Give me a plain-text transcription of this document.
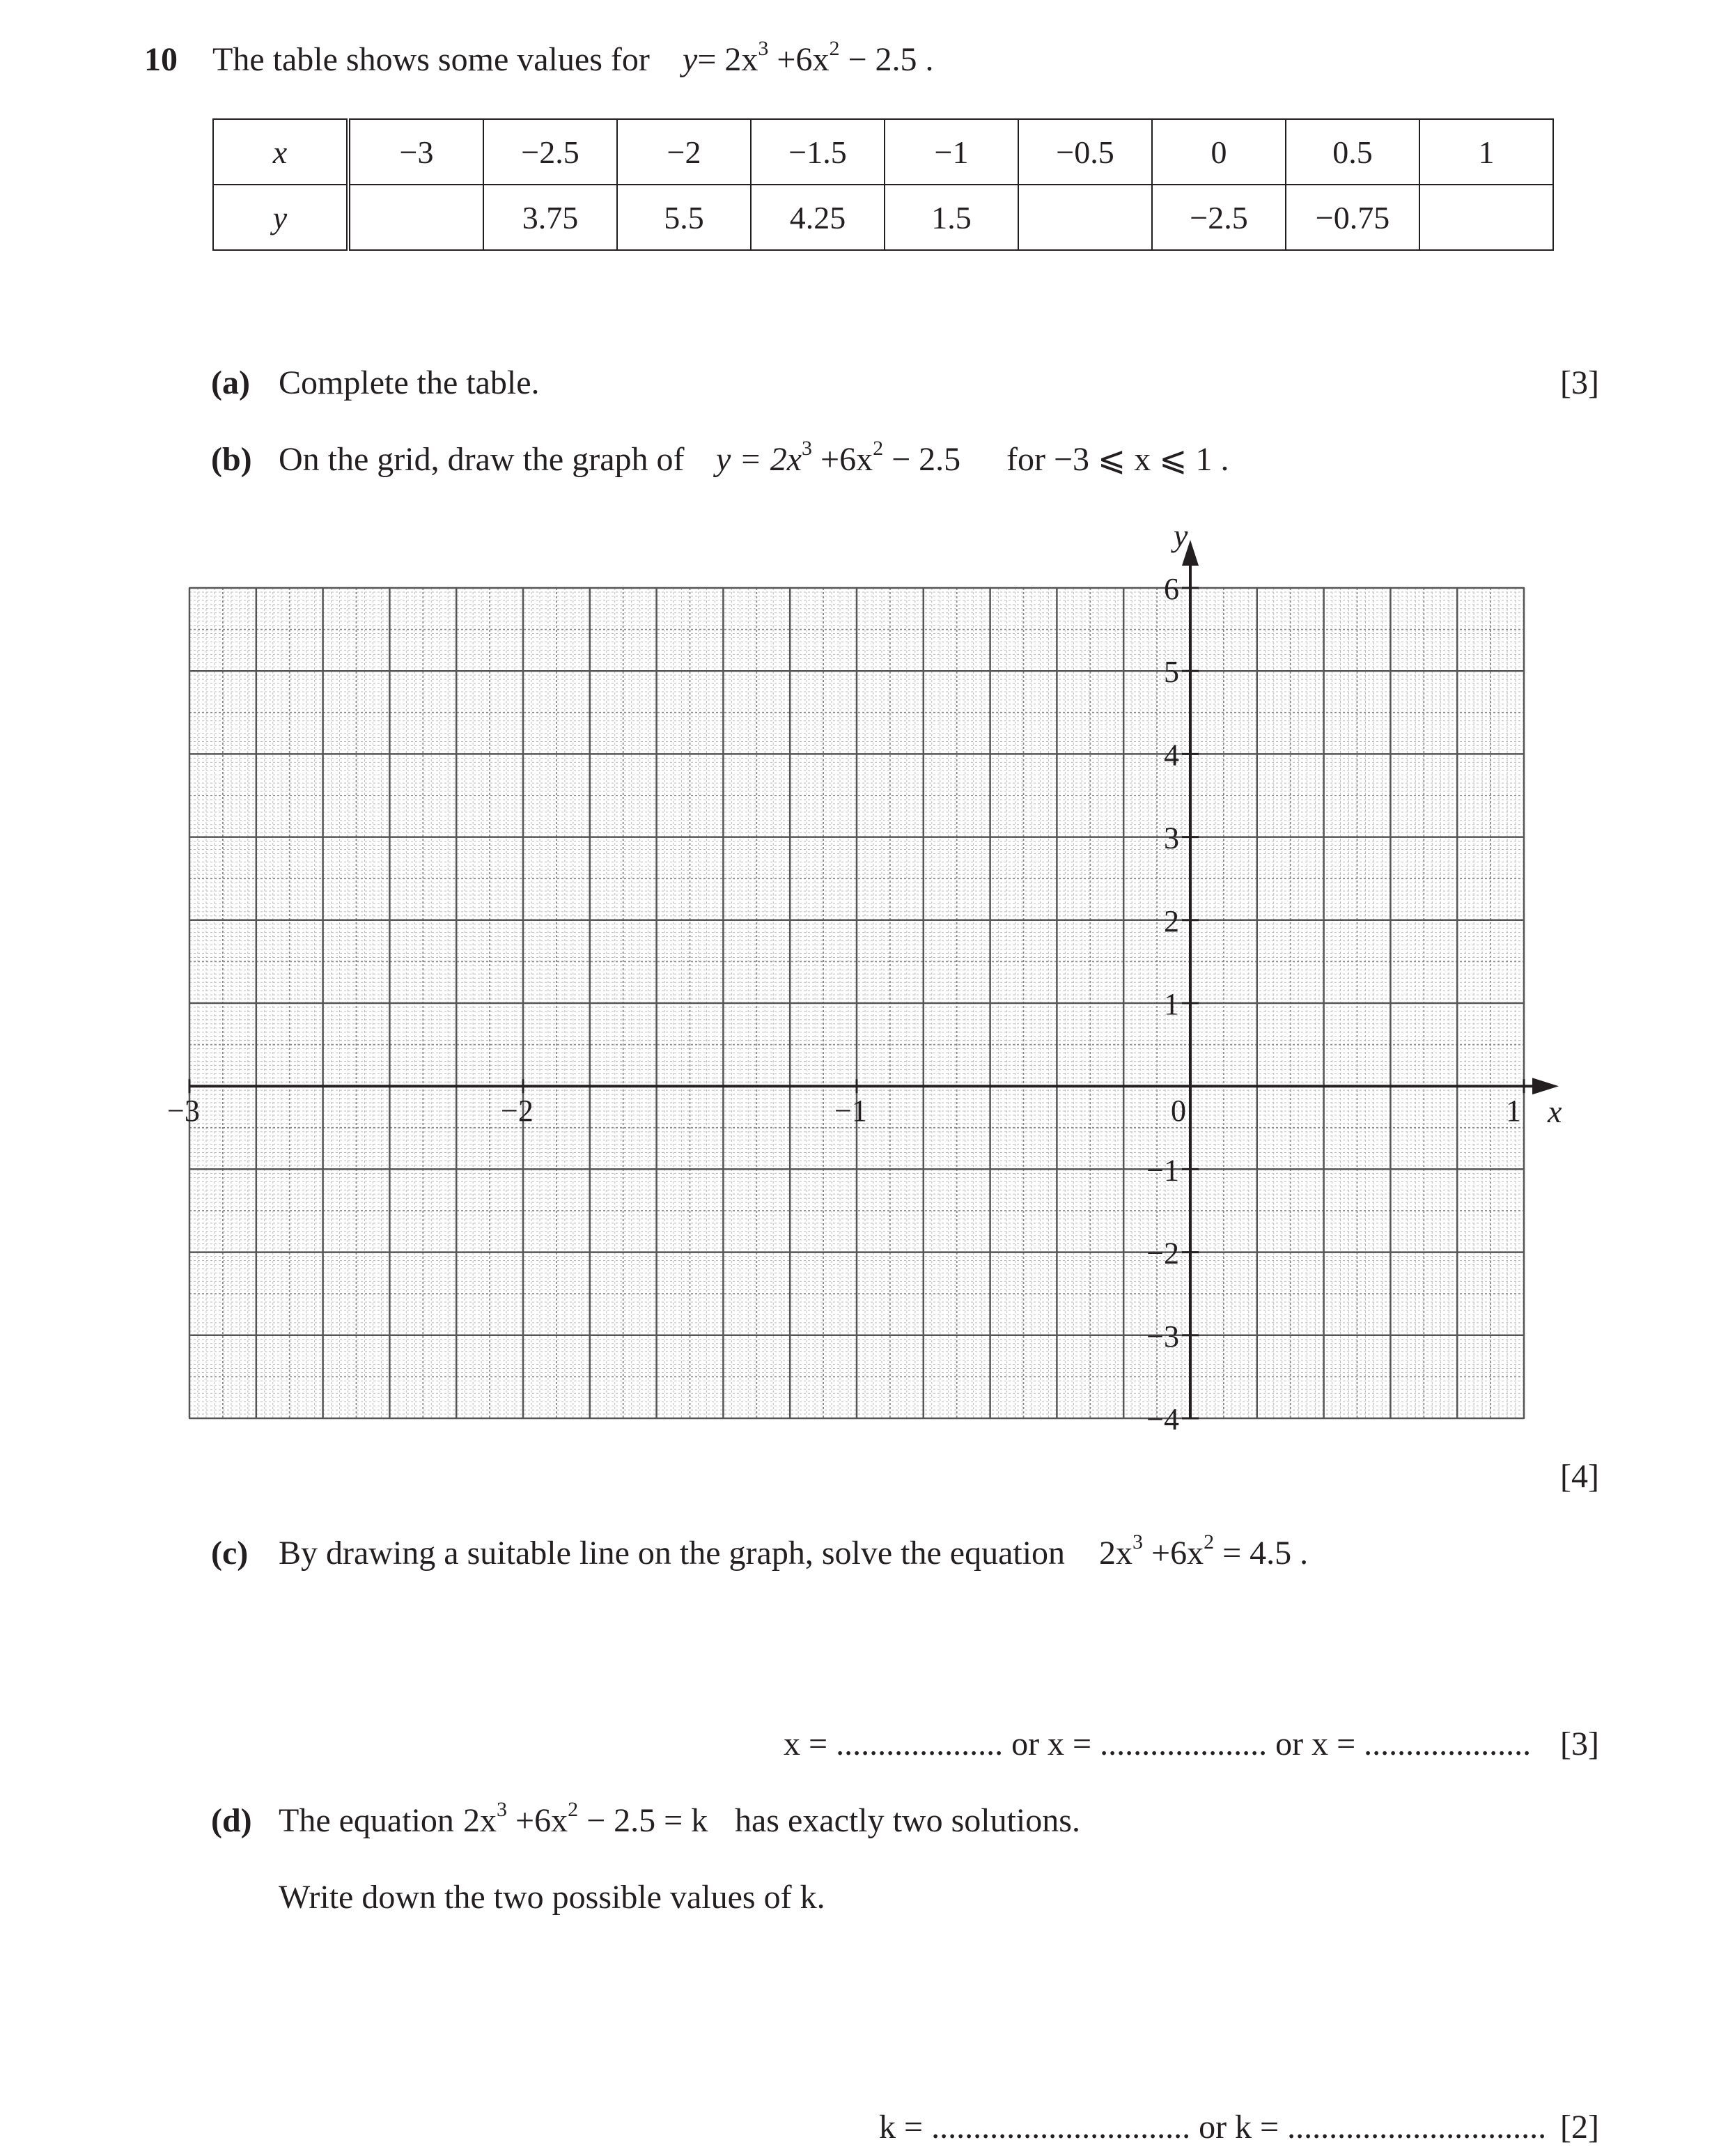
10 The table shows some values for $y= 2x^3 +6x^2 - 2.5$ .
x	−3	−2.5	−2	−1.5	−1	−0.5	0	0.5	1
y		3.75	5.5	4.25	1.5		−2.5	−0.75	
(a) Complete the table.	[3]
(b) On the grid, draw the graph of $y = 2x^3 +6x^2 - 2.5$ for −3 ⩽ x ⩽ 1 .
x
y
−3	−2	−1	0	1
6
5
4
3
2
1
−1
−2
−3
−4
[4]
(c) By drawing a suitable line on the graph, solve the equation $2x^3 +6x^2 = 4.5$ .
x = .................... or x = .................... or x = .................... [3]
(d) The equation $2x^3 +6x^2 - 2.5 = k$ has exactly two solutions.
Write down the two possible values of k.
k = ............................... or k = ............................... [2]
